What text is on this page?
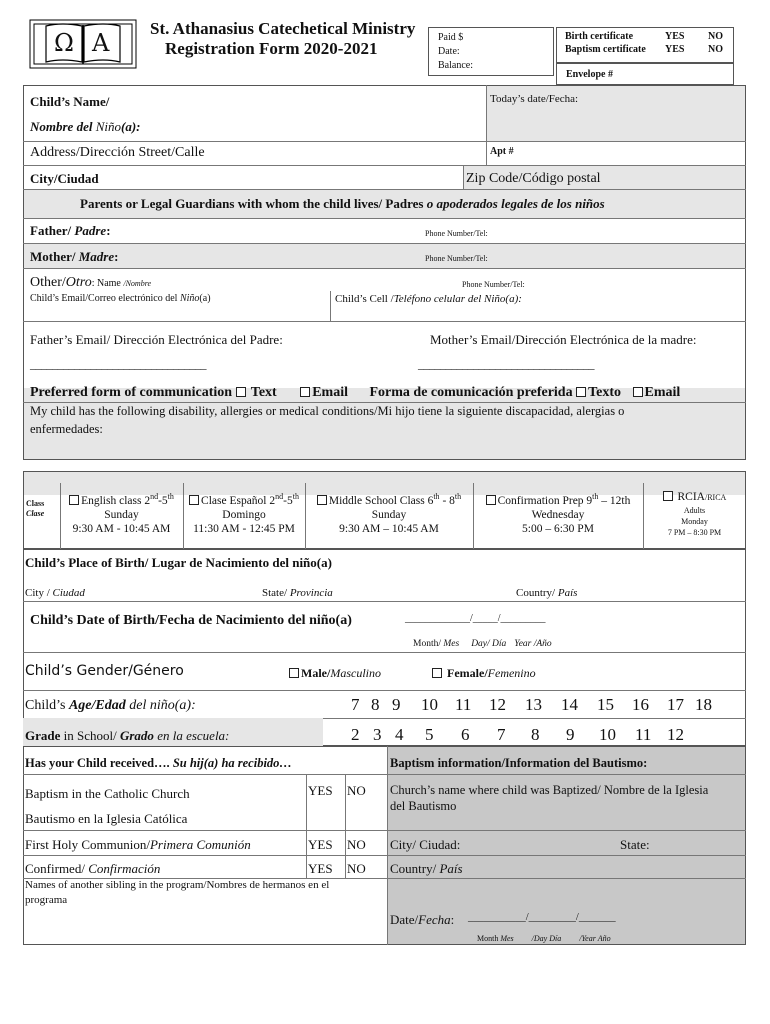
Ω A
St. Athanasius Catechetical Ministry
Registration Form 2020-2021
Paid $
Date:
Balance:
Birth certificate	YES NO
Baptism certificate YES NO
Envelope #
Child’s Name/
Nombre del Niño(a):
Today’s date/Fecha:
Address/Dirección Street/Calle	Apt #
City/Ciudad	Zip Code/Código postal
Parents or Legal Guardians with whom the child lives/ Padres o apoderados legales de los niños
Father/ Padre:	Phone Number/Tel:
Mother/ Madre:	Phone Number/Tel:
Other/Otro: Name /Nombre	Phone Number/Tel:
Child’s Email/Correo electrónico del Niño(a)	Child’s Cell /Teléfono celular del Niño(a):
Father’s Email/ Dirección Electrónica del Padre:	Mother’s Email/Dirección Electrónica de la madre:
________________________________	________________________________
Preferred form of communication  Text	Email Forma de comunicación preferida Texto Email
My child has the following disability, allergies or medical conditions/Mi hijo tiene la siguiente discapacidad, alergias o
enfermedades:
Class
Clase
English class 2nd-5th
Sunday
9:30 AM - 10:45 AM
Clase Español 2nd-5th
Domingo
11:30 AM - 12:45 PM
Middle School Class 6th - 8th
Sunday
9:30 AM – 10:45 AM
Confirmation Prep 9th – 12th
Wednesday
5:00 – 6:30 PM
RCIA/RICA
Adults
Monday
7 PM – 8:30 PM
Child’s Place of Birth/ Lugar de Nacimiento del niño(a)
City / Ciudad	State/ Provincia	Country/ País
Child’s Date of Birth/Fecha de Nacimiento del niño(a)	_____________/_____/_________
Month/ Mes Day/ Día Year /Año
Child’s Gender/Género	Male/Masculino	Female/Femenino
Child’s Age/Edad del niño(a):	7 8 9 10 11 12 13 14 15 16 17 18
Grade in School/ Grado en la escuela:	2 3 4 5 6 7 8 9 10 11 12
Has your Child received…. Su hij(a) ha recibido…	Baptism information/Information del Bautismo:
Baptism in the Catholic Church
Bautismo en la Iglesia Católica
YES NO Church’s name where child was Baptized/ Nombre de la Iglesia
del Bautismo
First Holy Communion/Primera Comunión	YES NO City/ Ciudad:	State:
Confirmed/ Confirmación	YES NO Country/ País
Names of another sibling in the program/Nombres de hermanos en el
programa
Date/Fecha: ___________/_________/_______
Month Mes /Day Día /Year Año
